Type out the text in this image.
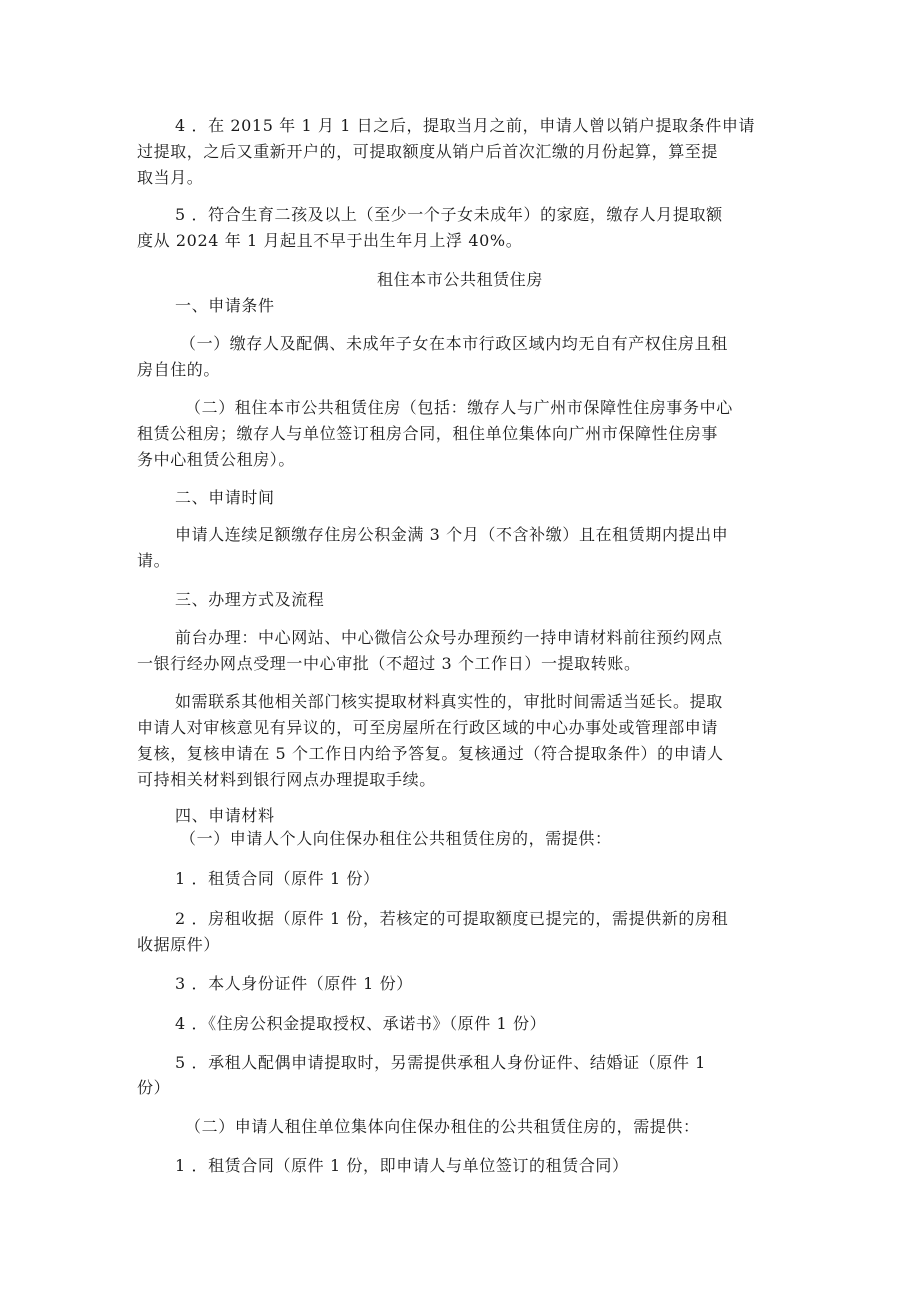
4 ．在 2015 年 1 月 1 日之后，提取当月之前，申请人曾以销户提取条件申请
过提取，之后又重新开户的，可提取额度从销户后首次汇缴的月份起算，算至提
取当月。
5 ．符合生育二孩及以上（至少一个子女未成年）的家庭，缴存人月提取额
度从 2024 年 1 月起且不早于出生年月上浮 40%。
租住本市公共租赁住房
一、申请条件
（一）缴存人及配偶、未成年子女在本市行政区域内均无自有产权住房且租
房自住的。
（二）租住本市公共租赁住房（包括：缴存人与广州市保障性住房事务中心
租赁公租房；缴存人与单位签订租房合同，租住单位集体向广州市保障性住房事
务中心租赁公租房）。
二、申请时间
申请人连续足额缴存住房公积金满 3 个月（不含补缴）且在租赁期内提出申
请。
三、办理方式及流程
前台办理：中心网站、中心微信公众号办理预约一持申请材料前往预约网点
一银行经办网点受理一中心审批（不超过 3 个工作日）一提取转账。
如需联系其他相关部门核实提取材料真实性的，审批时间需适当延长。提取
申请人对审核意见有异议的，可至房屋所在行政区域的中心办事处或管理部申请
复核，复核申请在 5 个工作日内给予答复。复核通过（符合提取条件）的申请人
可持相关材料到银行网点办理提取手续。
四、申请材料
（一）申请人个人向住保办租住公共租赁住房的，需提供：
1 ．租赁合同（原件 1 份）
2 ．房租收据（原件 1 份，若核定的可提取额度已提完的，需提供新的房租
收据原件）
3 ．本人身份证件（原件 1 份）
4 ．《住房公积金提取授权、承诺书》（原件 1 份）
5 ．承租人配偶申请提取时，另需提供承租人身份证件、结婚证（原件 1
份）
（二）申请人租住单位集体向住保办租住的公共租赁住房的，需提供：
1 ．租赁合同（原件 1 份，即申请人与单位签订的租赁合同）
